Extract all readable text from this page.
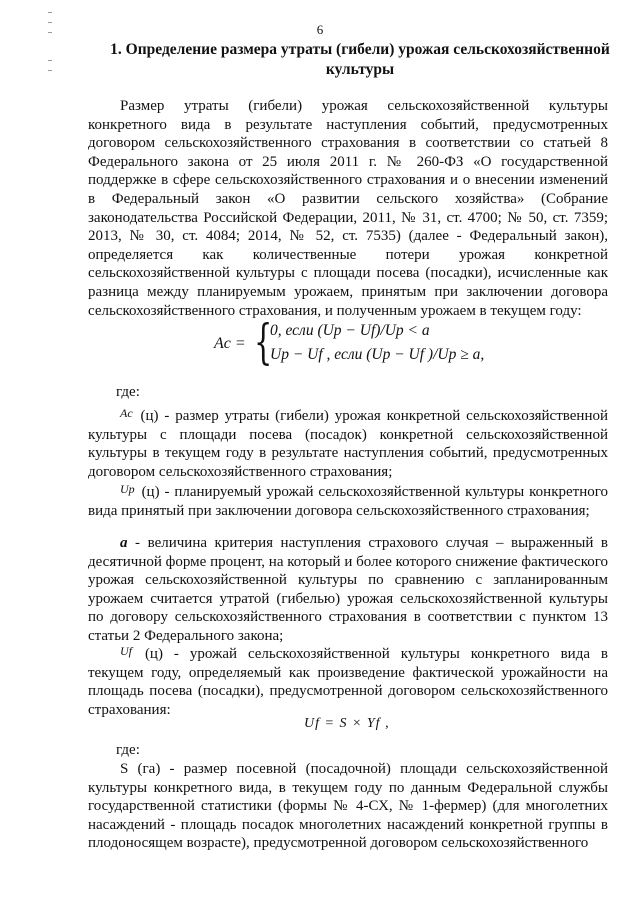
6
1. Определение размера утраты (гибели) урожая сельскохозяйственной культуры
Размер утраты (гибели) урожая сельскохозяйственной культуры конкретного вида в результате наступления событий, предусмотренных договором сельскохозяйственного страхования в соответствии со статьей 8 Федерального закона от 25 июля 2011 г. № 260-ФЗ «О государственной поддержке в сфере сельскохозяйственного страхования и о внесении изменений в Федеральный закон «О развитии сельского хозяйства» (Собрание законодательства Российской Федерации, 2011, № 31, ст. 4700; № 50, ст. 7359; 2013, № 30, ст. 4084; 2014, № 52, ст. 7535) (далее - Федеральный закон), определяется как количественные потери урожая конкретной сельскохозяйственной культуры с площади посева (посадки), исчисленные как разница между планируемым урожаем, принятым при заключении договора сельскохозяйственного страхования, и полученным урожаем в текущем году:
Aс = {
0, если (Uр − Uf)/Uр < a
Uр − Uf , если (Uр − Uf )/Uр ≥ a,
где:
$^{Aс}$ (ц) - размер утраты (гибели) урожая конкретной сельскохозяйственной культуры с площади посева (посадок) конкретной сельскохозяйственной культуры в текущем году в результате наступления событий, предусмотренных договором сельскохозяйственного страхования;
$^{Uр}$ (ц) - планируемый урожай сельскохозяйственной культуры конкретного вида принятый при заключении договора сельскохозяйственного страхования;
a - величина критерия наступления страхового случая – выраженный в десятичной форме процент, на который и более которого снижение фактического урожая сельскохозяйственной культуры по сравнению с запланированным урожаем считается утратой (гибелью) урожая сельскохозяйственной культуры по договору сельскохозяйственного страхования в соответствии с пунктом 13 статьи 2 Федерального закона;
$^{Uf}$ (ц) - урожай сельскохозяйственной культуры конкретного вида в текущем году, определяемый как произведение фактической урожайности на площадь посева (посадки), предусмотренной договором сельскохозяйственного страхования:
Uf = S × Yf ,
где:
S (га) - размер посевной (посадочной) площади сельскохозяйственной культуры конкретного вида, в текущем году по данным Федеральной службы государственной статистики (формы № 4-СХ, № 1-фермер) (для многолетних насаждений - площадь посадок многолетних насаждений конкретной группы в плодоносящем возрасте), предусмотренной договором сельскохозяйственного
